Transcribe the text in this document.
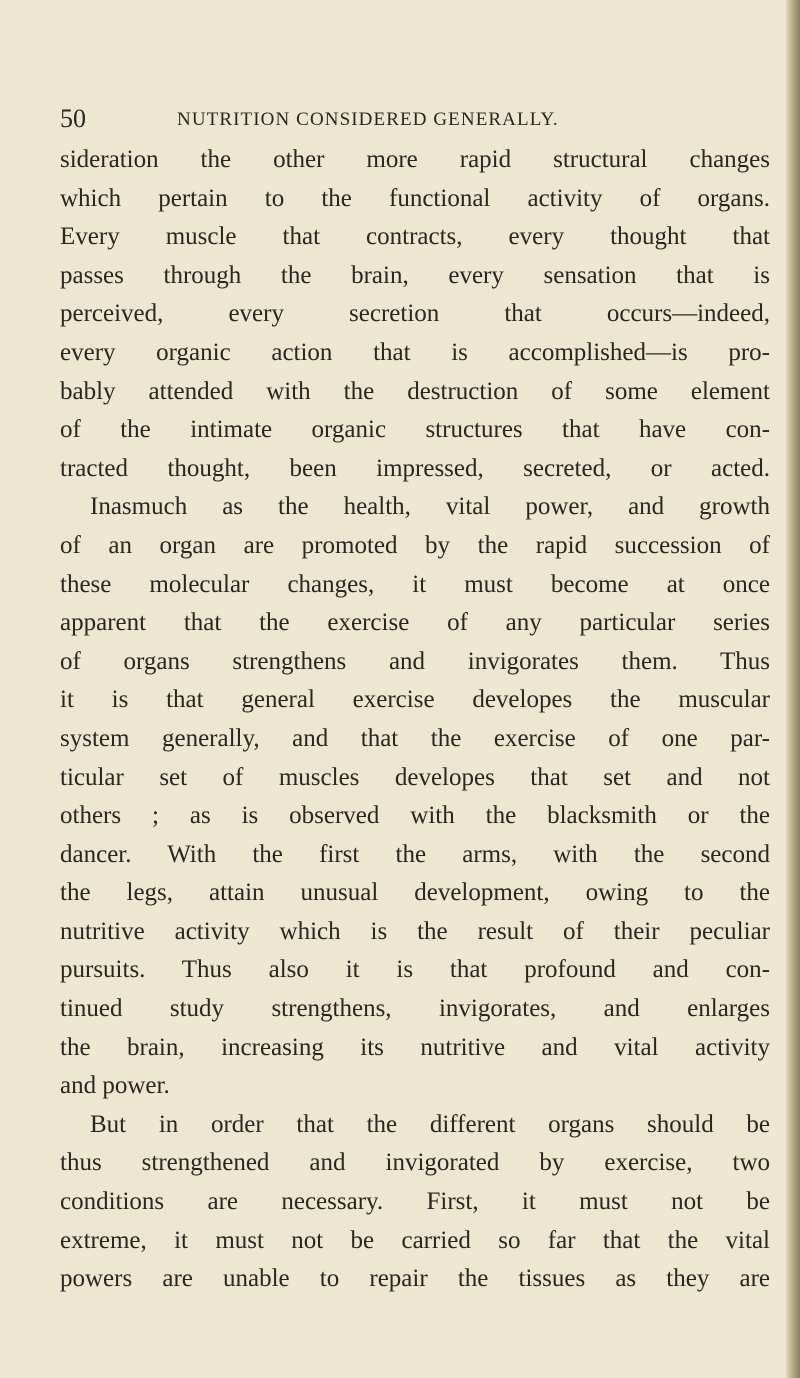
50	NUTRITION CONSIDERED GENERALLY.
sideration the other more rapid structural changes
which pertain to the functional activity of organs.
Every muscle that contracts, every thought that
passes through the brain, every sensation that is
perceived, every secretion that occurs—indeed,
every organic action that is accomplished—is pro-
bably attended with the destruction of some element
of the intimate organic structures that have con-
tracted thought, been impressed, secreted, or acted.
Inasmuch as the health, vital power, and growth
of an organ are promoted by the rapid succession of
these molecular changes, it must become at once
apparent that the exercise of any particular series
of organs strengthens and invigorates them. Thus
it is that general exercise developes the muscular
system generally, and that the exercise of one par-
ticular set of muscles developes that set and not
others ; as is observed with the blacksmith or the
dancer. With the first the arms, with the second
the legs, attain unusual development, owing to the
nutritive activity which is the result of their peculiar
pursuits. Thus also it is that profound and con-
tinued study strengthens, invigorates, and enlarges
the brain, increasing its nutritive and vital activity
and power.
But in order that the different organs should be
thus strengthened and invigorated by exercise, two
conditions are necessary. First, it must not be
extreme, it must not be carried so far that the vital
powers are unable to repair the tissues as they are
